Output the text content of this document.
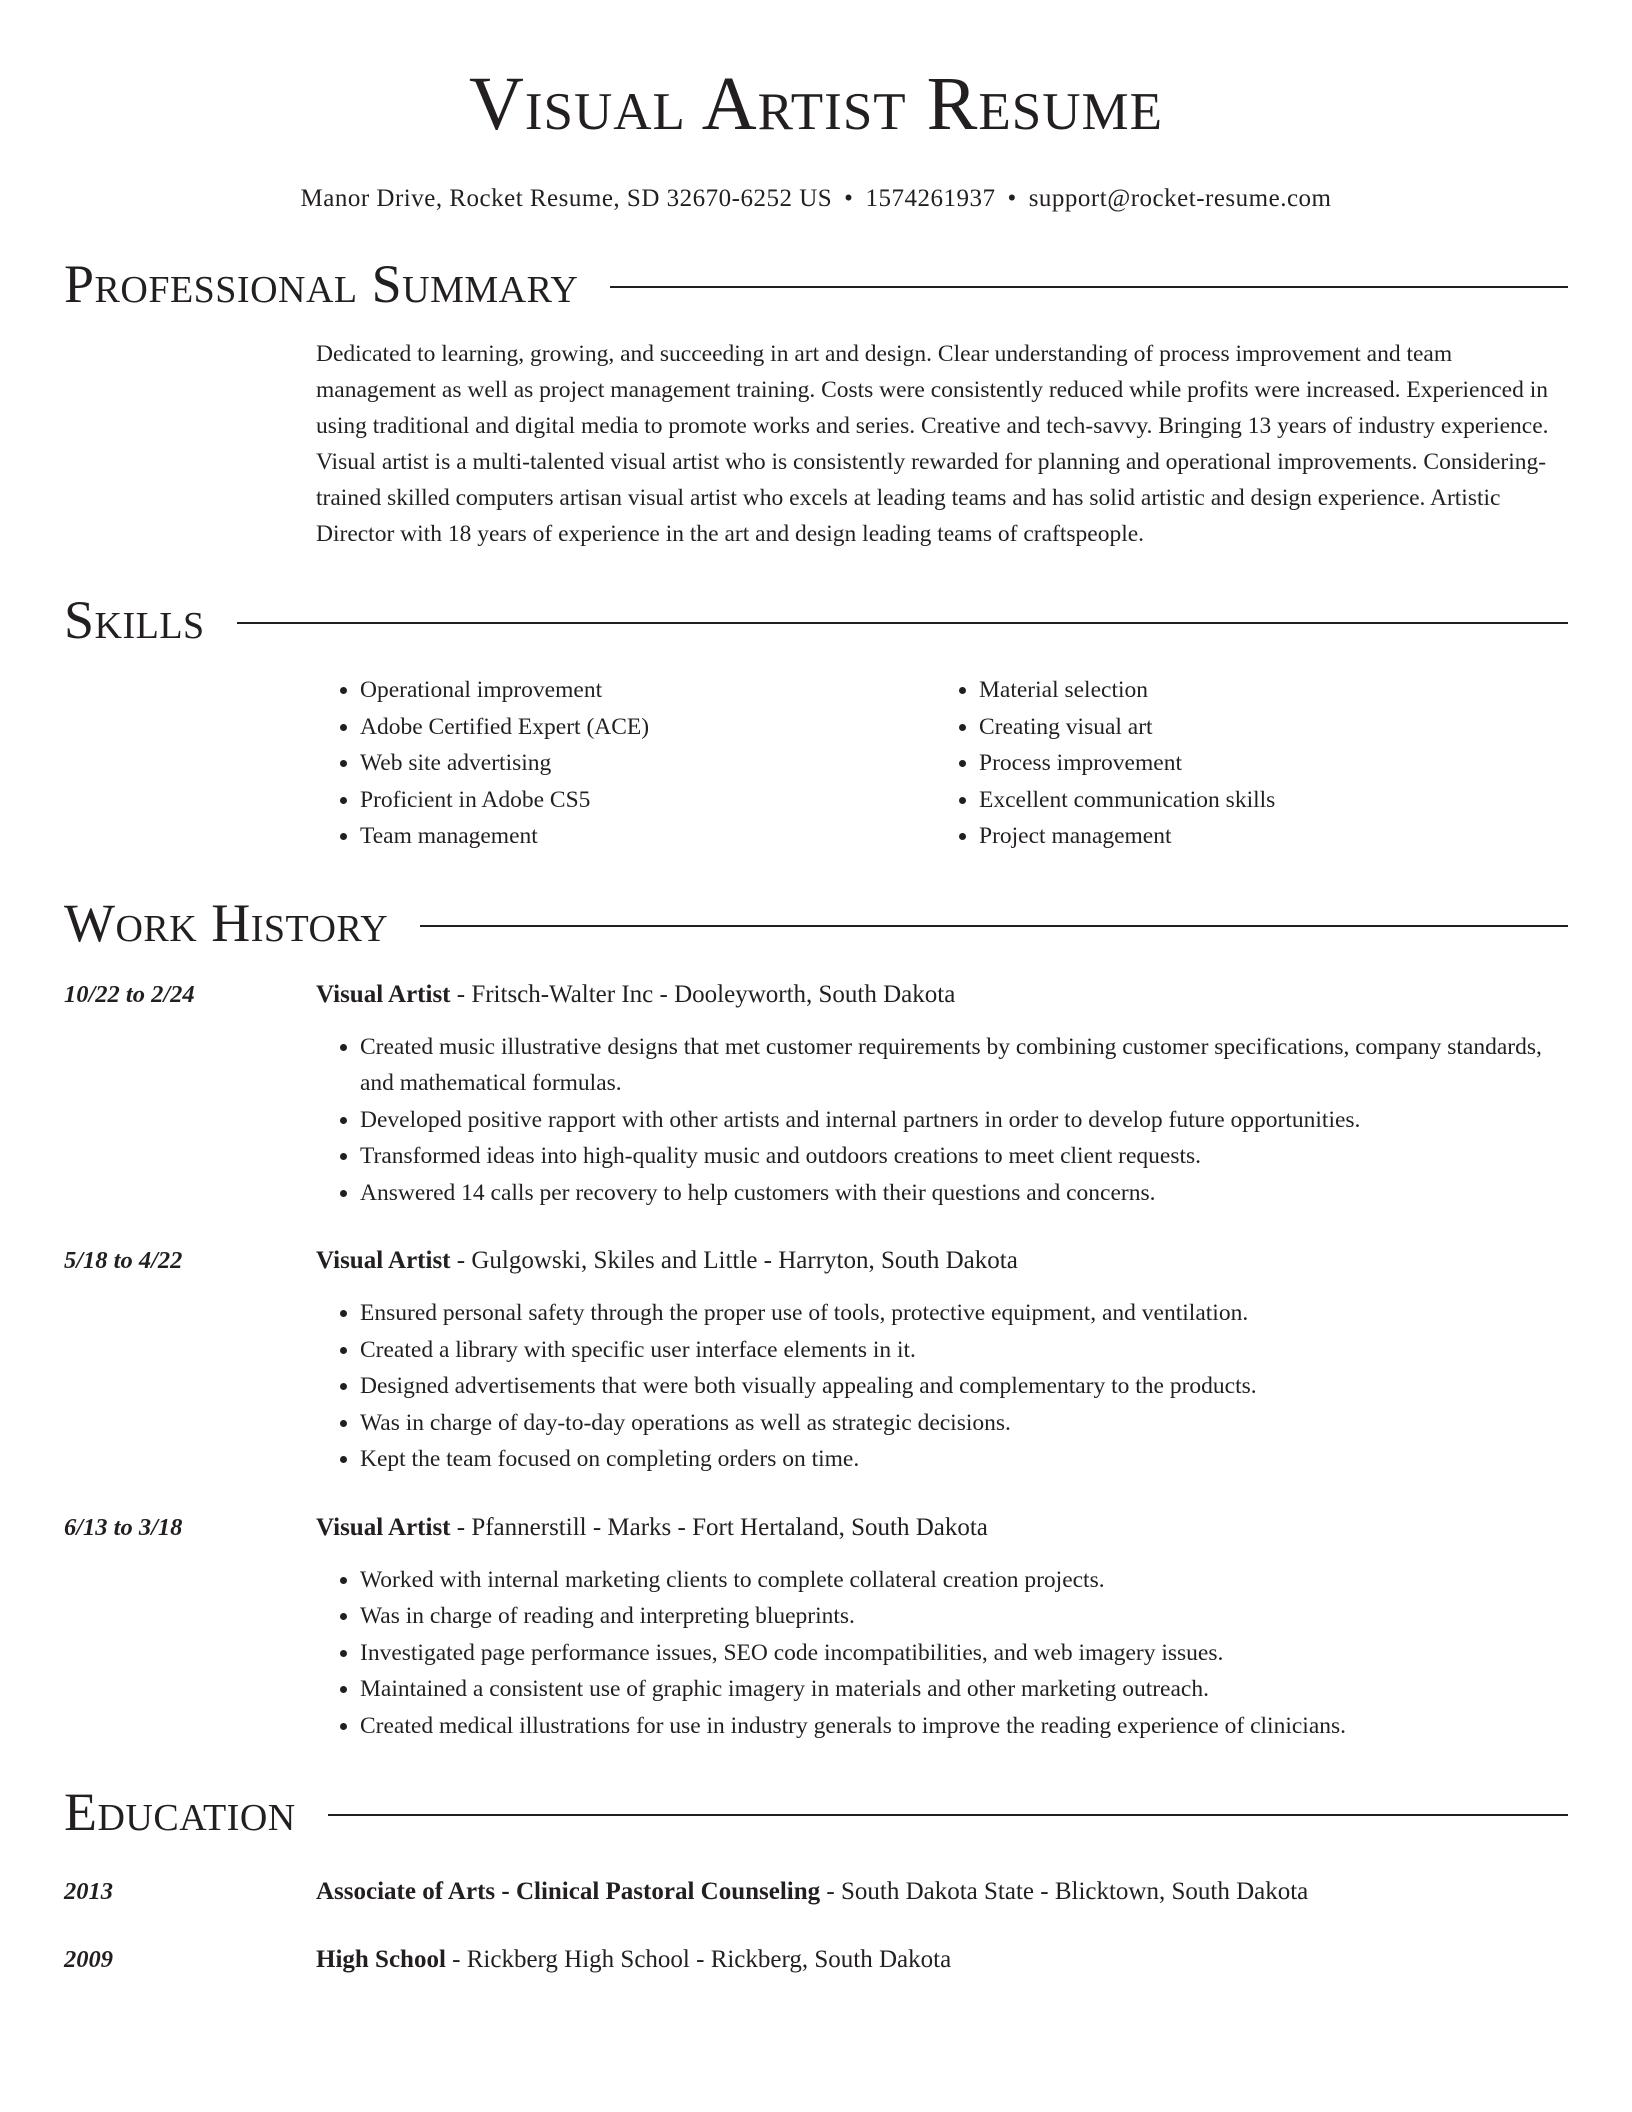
Visual Artist Resume
Manor Drive, Rocket Resume, SD 32670-6252 US • 1574261937 • support@rocket-resume.com
Professional Summary
Dedicated to learning, growing, and succeeding in art and design. Clear understanding of process improvement and team management as well as project management training. Costs were consistently reduced while profits were increased. Experienced in using traditional and digital media to promote works and series. Creative and tech-savvy. Bringing 13 years of industry experience. Visual artist is a multi-talented visual artist who is consistently rewarded for planning and operational improvements. Considering-trained skilled computers artisan visual artist who excels at leading teams and has solid artistic and design experience. Artistic Director with 18 years of experience in the art and design leading teams of craftspeople.
Skills
• Operational improvement
• Adobe Certified Expert (ACE)
• Web site advertising
• Proficient in Adobe CS5
• Team management
• Material selection
• Creating visual art
• Process improvement
• Excellent communication skills
• Project management
Work History
10/22 to 2/24	Visual Artist - Fritsch-Walter Inc - Dooleyworth, South Dakota
• Created music illustrative designs that met customer requirements by combining customer specifications, company standards, and mathematical formulas.
• Developed positive rapport with other artists and internal partners in order to develop future opportunities.
• Transformed ideas into high-quality music and outdoors creations to meet client requests.
• Answered 14 calls per recovery to help customers with their questions and concerns.
5/18 to 4/22	Visual Artist - Gulgowski, Skiles and Little - Harryton, South Dakota
• Ensured personal safety through the proper use of tools, protective equipment, and ventilation.
• Created a library with specific user interface elements in it.
• Designed advertisements that were both visually appealing and complementary to the products.
• Was in charge of day-to-day operations as well as strategic decisions.
• Kept the team focused on completing orders on time.
6/13 to 3/18	Visual Artist - Pfannerstill - Marks - Fort Hertaland, South Dakota
• Worked with internal marketing clients to complete collateral creation projects.
• Was in charge of reading and interpreting blueprints.
• Investigated page performance issues, SEO code incompatibilities, and web imagery issues.
• Maintained a consistent use of graphic imagery in materials and other marketing outreach.
• Created medical illustrations for use in industry generals to improve the reading experience of clinicians.
Education
2013	Associate of Arts - Clinical Pastoral Counseling - South Dakota State - Blicktown, South Dakota
2009	High School - Rickberg High School - Rickberg, South Dakota
